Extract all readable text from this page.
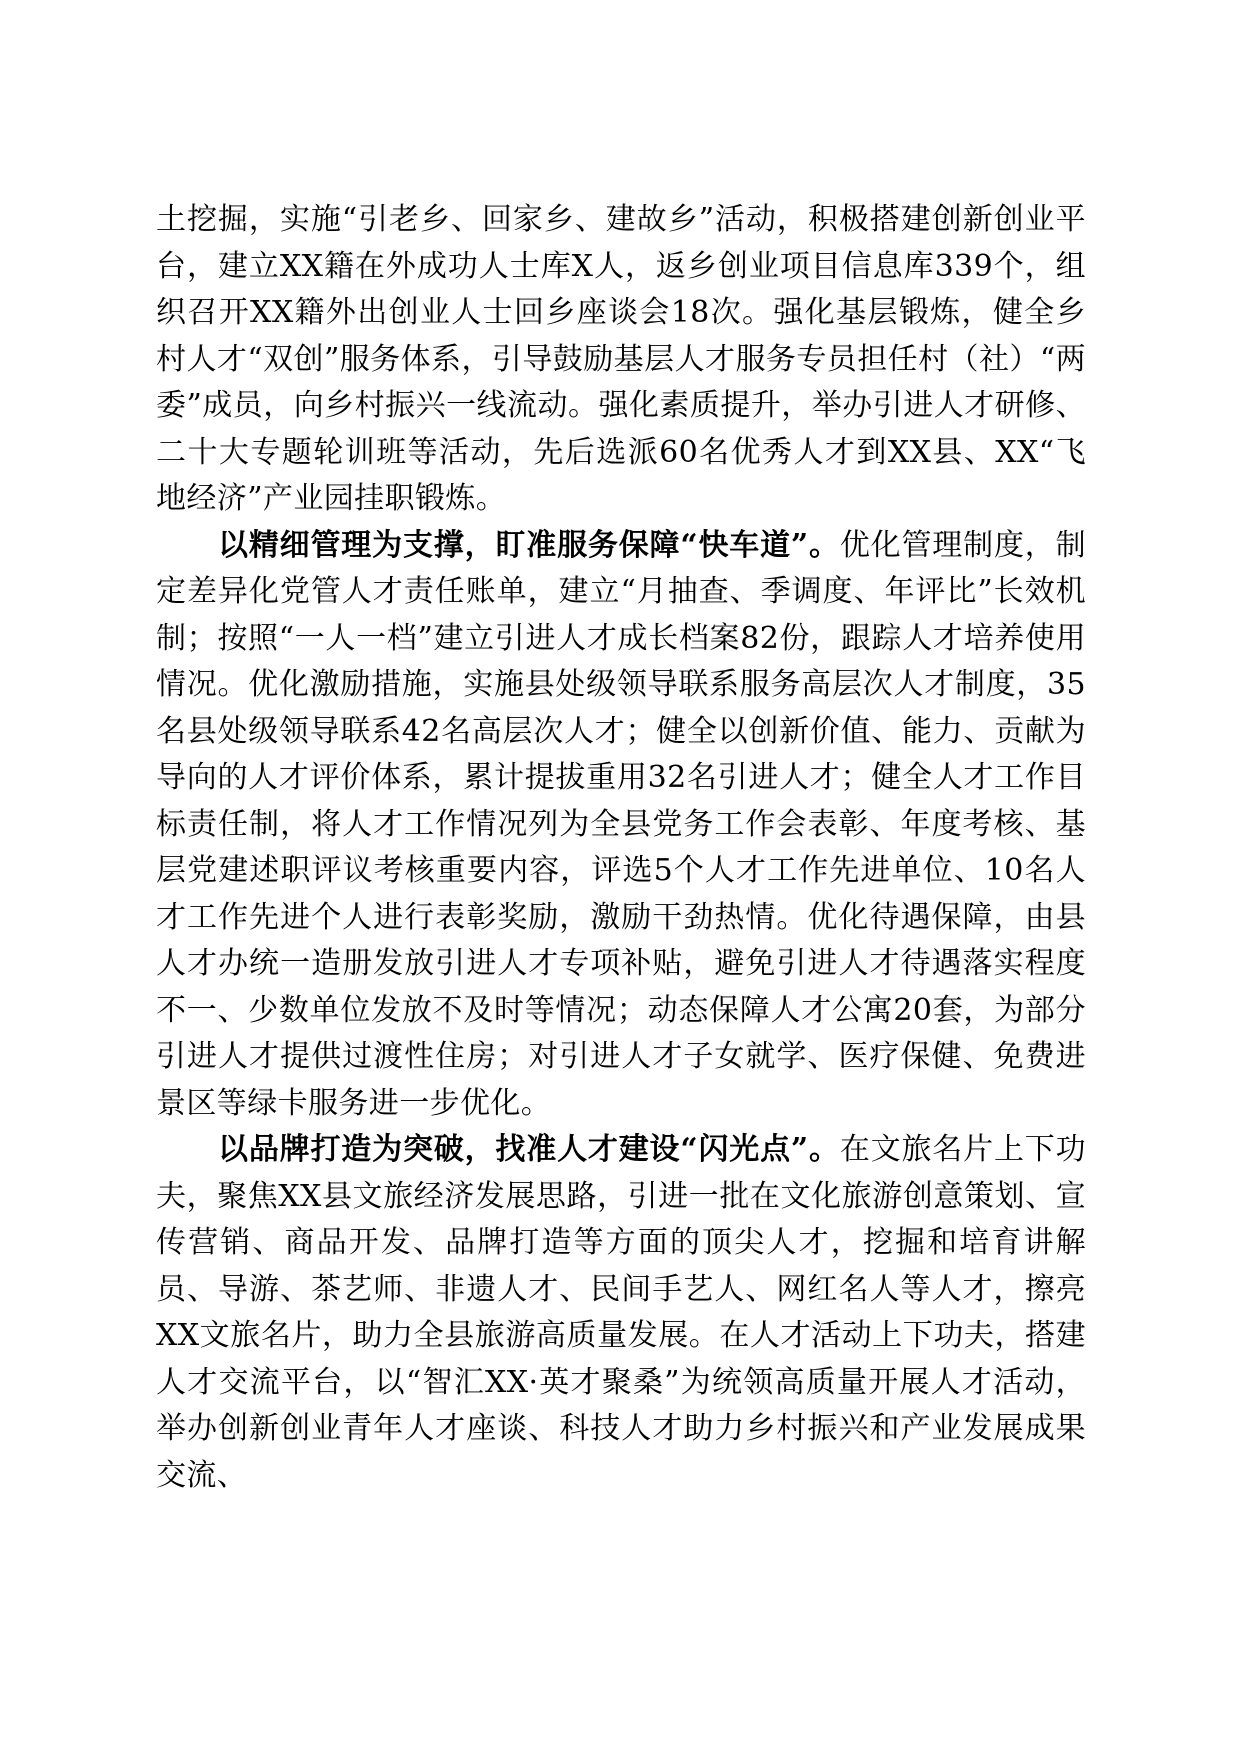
土挖掘，实施“引老乡、回家乡、建故乡”活动，积极搭建创新创业平台，建立XX籍在外成功人士库X人，返乡创业项目信息库339个，组织召开XX籍外出创业人士回乡座谈会18次。强化基层锻炼，健全乡村人才“双创”服务体系，引导鼓励基层人才服务专员担任村（社）“两委”成员，向乡村振兴一线流动。强化素质提升，举办引进人才研修、二十大专题轮训班等活动，先后选派60名优秀人才到XX县、XX“飞地经济”产业园挂职锻炼。

以精细管理为支撑，盯准服务保障“快车道”。优化管理制度，制定差异化党管人才责任账单，建立“月抽查、季调度、年评比”长效机制；按照“一人一档”建立引进人才成长档案82份，跟踪人才培养使用情况。优化激励措施，实施县处级领导联系服务高层次人才制度，35名县处级领导联系42名高层次人才；健全以创新价值、能力、贡献为导向的人才评价体系，累计提拔重用32名引进人才；健全人才工作目标责任制，将人才工作情况列为全县党务工作会表彰、年度考核、基层党建述职评议考核重要内容，评选5个人才工作先进单位、10名人才工作先进个人进行表彰奖励，激励干劲热情。优化待遇保障，由县人才办统一造册发放引进人才专项补贴，避免引进人才待遇落实程度不一、少数单位发放不及时等情况；动态保障人才公寓20套，为部分引进人才提供过渡性住房；对引进人才子女就学、医疗保健、免费进景区等绿卡服务进一步优化。

以品牌打造为突破，找准人才建设“闪光点”。在文旅名片上下功夫，聚焦XX县文旅经济发展思路，引进一批在文化旅游创意策划、宣传营销、商品开发、品牌打造等方面的顶尖人才，挖掘和培育讲解员、导游、茶艺师、非遗人才、民间手艺人、网红名人等人才，擦亮XX文旅名片，助力全县旅游高质量发展。在人才活动上下功夫，搭建人才交流平台，以“智汇XX·英才聚桑”为统领高质量开展人才活动，举办创新创业青年人才座谈、科技人才助力乡村振兴和产业发展成果交流、
